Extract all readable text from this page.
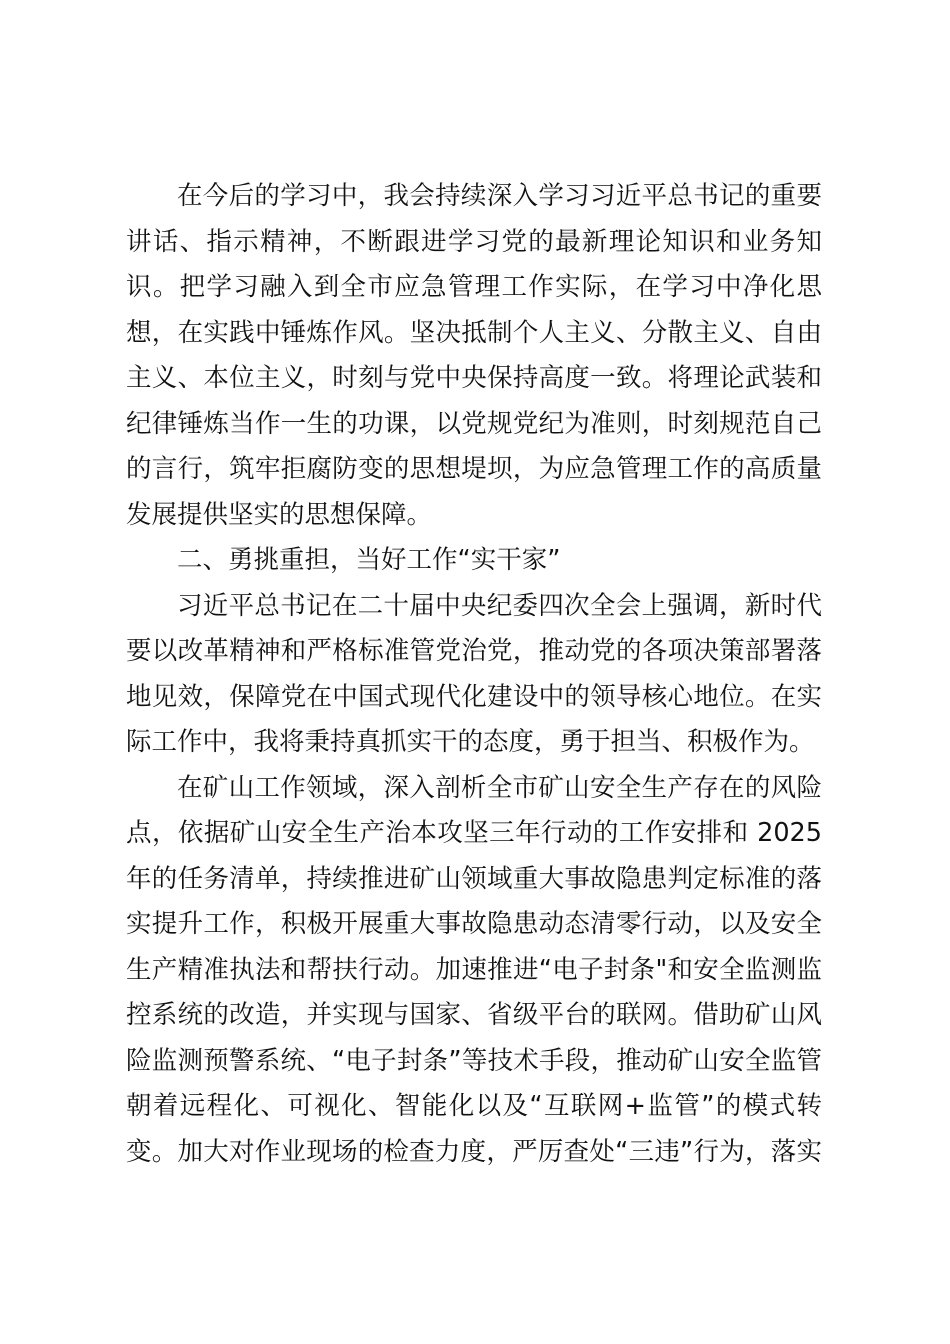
在今后的学习中，我会持续深入学习习近平总书记的重要
讲话、指示精神，不断跟进学习党的最新理论知识和业务知
识。把学习融入到全市应急管理工作实际，在学习中净化思
想，在实践中锤炼作风。坚决抵制个人主义、分散主义、自由
主义、本位主义，时刻与党中央保持高度一致。将理论武装和
纪律锤炼当作一生的功课，以党规党纪为准则，时刻规范自己
的言行，筑牢拒腐防变的思想堤坝，为应急管理工作的高质量
发展提供坚实的思想保障。
二、勇挑重担，当好工作“实干家”
习近平总书记在二十届中央纪委四次全会上强调，新时代
要以改革精神和严格标准管党治党，推动党的各项决策部署落
地见效，保障党在中国式现代化建设中的领导核心地位。在实
际工作中，我将秉持真抓实干的态度，勇于担当、积极作为。
在矿山工作领域，深入剖析全市矿山安全生产存在的风险
点，依据矿山安全生产治本攻坚三年行动的工作安排和 2025
年的任务清单，持续推进矿山领域重大事故隐患判定标准的落
实提升工作，积极开展重大事故隐患动态清零行动，以及安全
生产精准执法和帮扶行动。加速推进“电子封条"和安全监测监
控系统的改造，并实现与国家、省级平台的联网。借助矿山风
险监测预警系统、“电子封条”等技术手段，推动矿山安全监管
朝着远程化、可视化、智能化以及“互联网+监管”的模式转
变。加大对作业现场的检查力度，严厉查处“三违”行为，落实
